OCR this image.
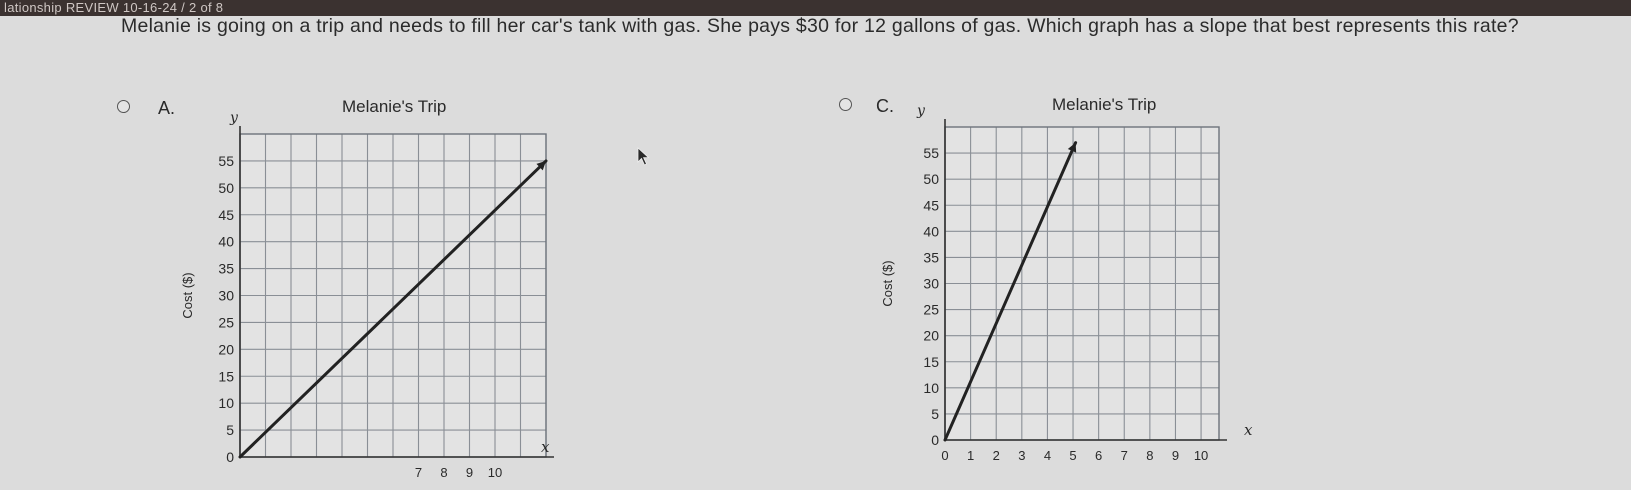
lationship REVIEW 10-16-24 / 2 of 8
Melanie is going on a trip and needs to fill her car's tank with gas. She pays $30 for 12 gallons of gas. Which graph has a slope that best represents this rate?
A.	Melanie's Trip
0
5
10
15
20
25
30
35
40
45
50
55
7 8 9 10
y
x
Cost ($)
C.	Melanie's Trip
0
5
10
15
20
25
30
35
40
45
50
55
0 1 2 3 4 5 6 7 8 9 10
y
x
Cost ($)
